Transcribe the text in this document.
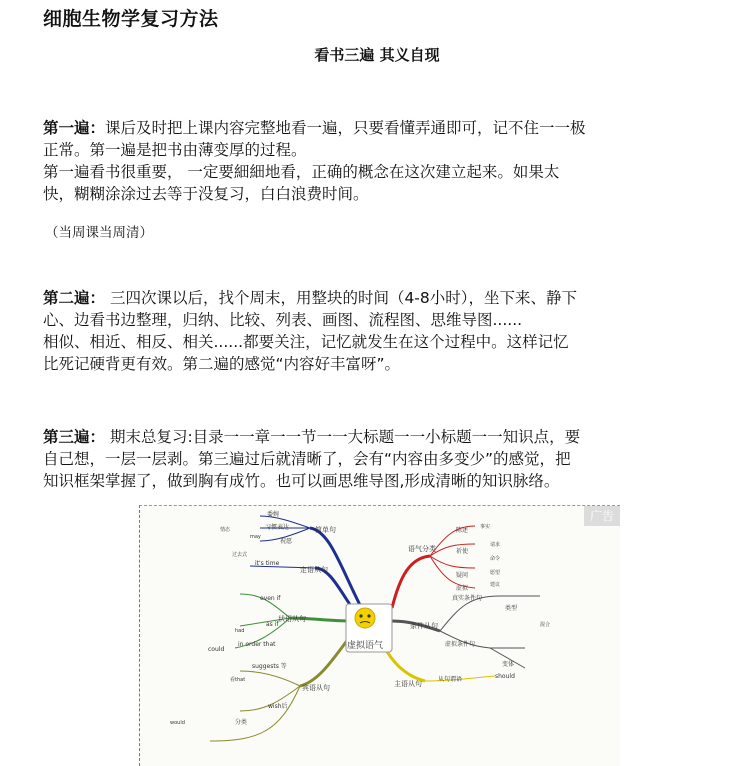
细胞生物学复习方法
看书三遍 其义自现
第一遍：课后及时把上课内容完整地看一遍，只要看懂弄通即可，记不住一一极
正常。第一遍是把书由薄变厚的过程。
第一遍看书很重要， 一定要細細地看，正确的概念在这次建立起来。如果太
快，糊糊涂涂过去等于没复习，白白浪费时间。
（当周课当周清）
第二遍： 三四次课以后，找个周末，用整块的时间（4-8小时），坐下来、静下
心、边看书边整理，归纳、比较、列表、画图、流程图、思维导图......
相似、相近、相反、相关......都要关注，记忆就发生在这个过程中。这样记忆
比死记硬背更有效。第二遍的感觉“内容好丰富呀”。
第三遍： 期末总复习:目录一一章一一节一一大标题一一小标题一一知识点，要
自己想，一层一层剥。第三遍过后就清晰了，会有“内容由多变少”的感觉，把
知识框架掌握了，做到胸有成竹。也可以画思维导图,形成清晰的知识脉络。
广告
虚拟语气
简单句
定语从句
状语从句
宾语从句
语气分类
条件从句
主语从句
委婉
习惯表达
祝愿
情态
may
it's time
过去式
even if
as if
in order that
could
had
suggests 等
wish后
would
陈述
祈使
疑问
虚拟
事实
请求
命令
愿望
建议
真实条件句
虚拟条件句
类型
混合
变体
从句谓语	should
分类
看that
